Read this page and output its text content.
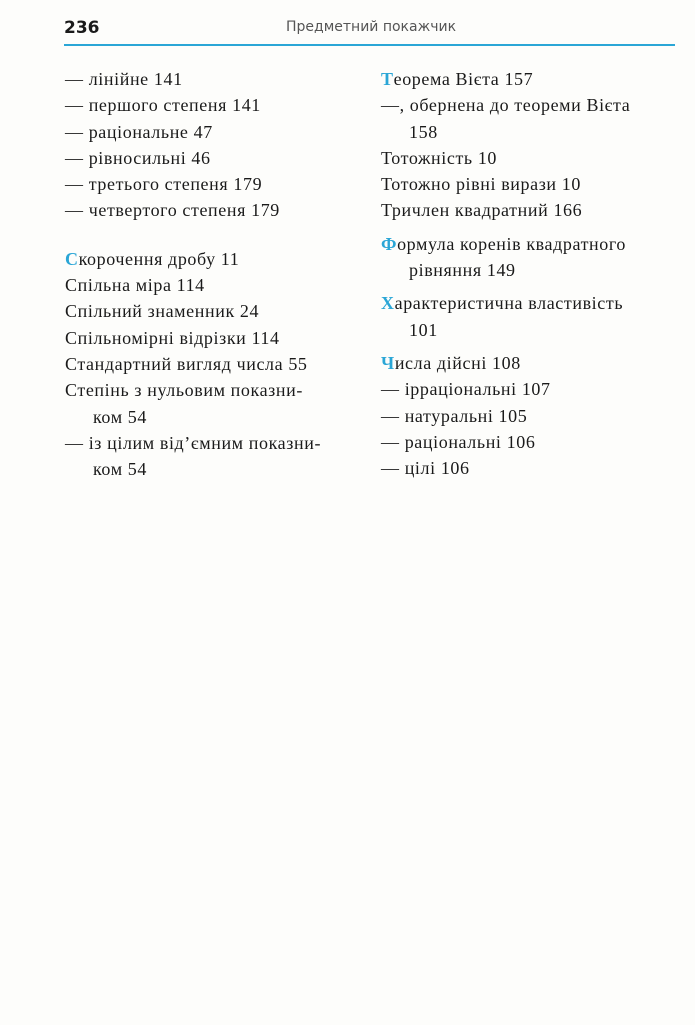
236	Предметний покажчик
— лінійне 141
— першого степеня 141
— раціональне 47
— рівносильні 46
— третього степеня 179
— четвертого степеня 179
Скорочення дробу 11
Спільна міра 114
Спільний знаменник 24
Спільномірні відрізки 114
Стандартний вигляд числа 55
Степінь з нульовим показни-
ком 54
— із цілим від’ємним показни-
ком 54
Теорема Вієта 157
—, обернена до теореми Вієта
158
Тотожність 10
Тотожно рівні вирази 10
Тричлен квадратний 166
Формула коренів квадратного
рівняння 149
Характеристична властивість
101
Числа дійсні 108
— ірраціональні 107
— натуральні 105
— раціональні 106
— цілі 106
